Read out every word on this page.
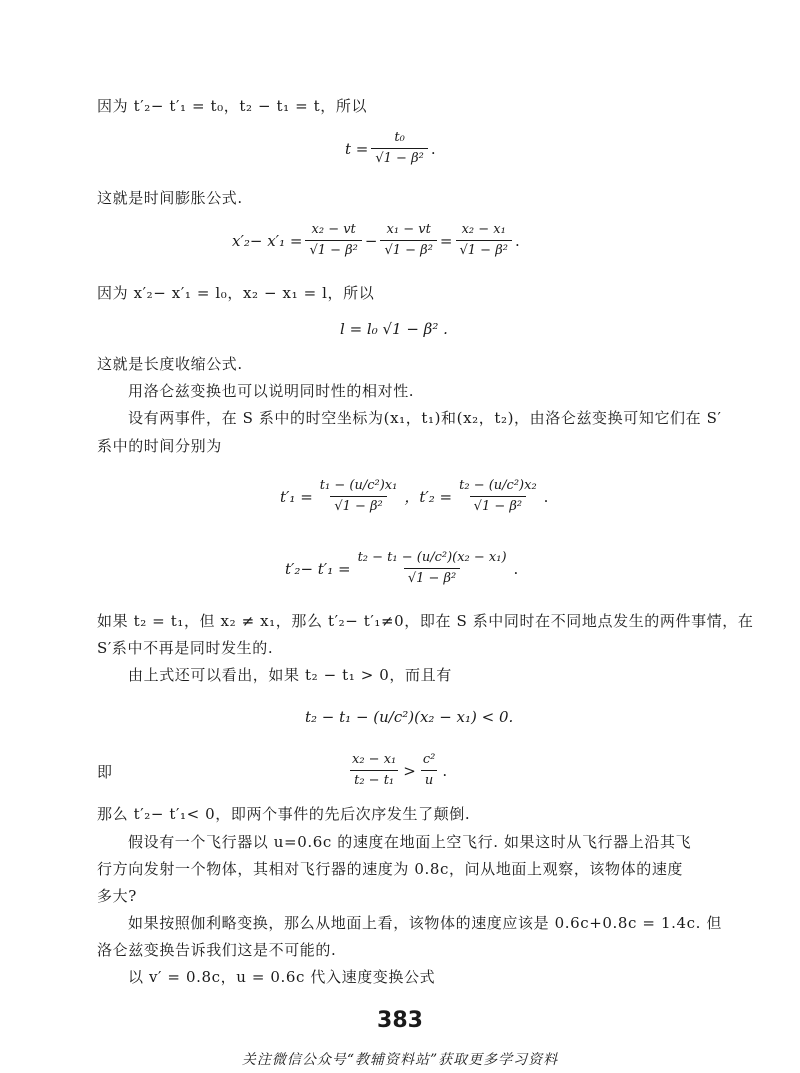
因为 t′₂− t′₁ = t₀，t₂ − t₁ = t，所以
$t = \frac{\text{t₀}}{\text{√1 − β²}}$ .
这就是时间膨胀公式.
$x'_2- x'_1 = \frac{\text{x₂ − vt}}{\text{√1 − β²}} - \frac{\text{x₁ − vt}}{\text{√1 − β²}} = \frac{\text{x₂ − x₁}}{\text{√1 − β²}}$ .
因为 x′₂− x′₁ = l₀，x₂ − x₁ = l，所以
l = l₀ √1 − β² .
这就是长度收缩公式.
用洛仑兹变换也可以说明同时性的相对性.
设有两事件，在 S 系中的时空坐标为(x₁，t₁)和(x₂，t₂)，由洛仑兹变换可知它们在 S′
系中的时间分别为
$t'_1 = \frac{\text{t₁ − (u/c²)x₁}}{\text{√1 − β²}}$ ，$t'_2 = \frac{\text{t₂ − (u/c²)x₂}}{\text{√1 − β²}}$ .
$t'_2- t'_1 = \frac{\text{t₂ − t₁ − (u/c²)(x₂ − x₁)}}{\text{√1 − β²}}$ .
如果 t₂ = t₁，但 x₂ ≠ x₁，那么 t′₂− t′₁≠0，即在 S 系中同时在不同地点发生的两件事情，在
S′系中不再是同时发生的.
由上式还可以看出，如果 t₂ − t₁ > 0，而且有
t₂ − t₁ − (u/c²)(x₂ − x₁) < 0.
即	$\frac{\text{x₂ − x₁}}{\text{t₂ − t₁}} > \frac{\text{c²}}{u}$ .
那么 t′₂− t′₁< 0，即两个事件的先后次序发生了颠倒.
假设有一个飞行器以 u=0.6c 的速度在地面上空飞行. 如果这时从飞行器上沿其飞
行方向发射一个物体，其相对飞行器的速度为 0.8c，问从地面上观察，该物体的速度
多大?
如果按照伽利略变换，那么从地面上看，该物体的速度应该是 0.6c+0.8c = 1.4c. 但
洛仑兹变换告诉我们这是不可能的.
以 v′ = 0.8c，u = 0.6c 代入速度变换公式
383
关注微信公众号“教辅资料站”获取更多学习资料
